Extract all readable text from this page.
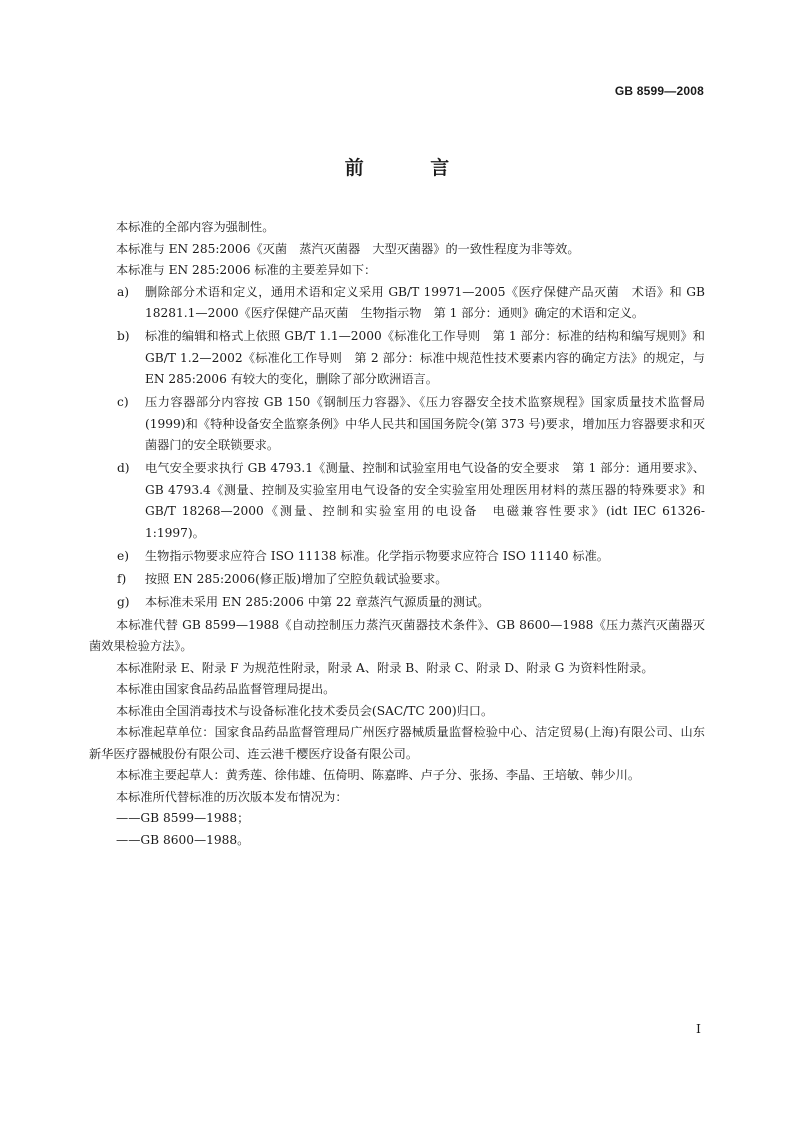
GB 8599—2008
前 言

本标准的全部内容为强制性。

本标准与 EN 285:2006《灭菌　蒸汽灭菌器　大型灭菌器》的一致性程度为非等效。

本标准与 EN 285:2006 标准的主要差异如下：

a) 删除部分术语和定义，通用术语和定义采用 GB/T 19971—2005《医疗保健产品灭菌　术语》和 GB 18281.1—2000《医疗保健产品灭菌　生物指示物　第 1 部分：通则》确定的术语和定义。
b) 标准的编辑和格式上依照 GB/T 1.1—2000《标准化工作导则　第 1 部分：标准的结构和编写规则》和 GB/T 1.2—2002《标准化工作导则　第 2 部分：标准中规范性技术要素内容的确定方法》的规定，与 EN 285:2006 有较大的变化，删除了部分欧洲语言。
c) 压力容器部分内容按 GB 150《钢制压力容器》、《压力容器安全技术监察规程》国家质量技术监督局(1999)和《特种设备安全监察条例》中华人民共和国国务院令(第 373 号)要求，增加压力容器要求和灭菌器门的安全联锁要求。
d) 电气安全要求执行 GB 4793.1《测量、控制和试验室用电气设备的安全要求　第 1 部分：通用要求》、GB 4793.4《测量、控制及实验室用电气设备的安全实验室用处理医用材料的蒸压器的特殊要求》和 GB/T 18268—2000《测量、控制和实验室用的电设备　电磁兼容性要求》(idt IEC 61326-1:1997)。
e) 生物指示物要求应符合 ISO 11138 标准。化学指示物要求应符合 ISO 11140 标准。
f) 按照 EN 285:2006(修正版)增加了空腔负载试验要求。
g) 本标准未采用 EN 285:2006 中第 22 章蒸汽气源质量的测试。

本标准代替 GB 8599—1988《自动控制压力蒸汽灭菌器技术条件》、GB 8600—1988《压力蒸汽灭菌器灭菌效果检验方法》。

本标准附录 E、附录 F 为规范性附录，附录 A、附录 B、附录 C、附录 D、附录 G 为资料性附录。

本标准由国家食品药品监督管理局提出。

本标准由全国消毒技术与设备标准化技术委员会(SAC/TC 200)归口。

本标准起草单位：国家食品药品监督管理局广州医疗器械质量监督检验中心、洁定贸易(上海)有限公司、山东新华医疗器械股份有限公司、连云港千樱医疗设备有限公司。

本标准主要起草人：黄秀莲、徐伟雄、伍倚明、陈嘉晔、卢子分、张扬、李晶、王培敏、韩少川。

本标准所代替标准的历次版本发布情况为：

——GB 8599—1988；

——GB 8600—1988。

I
